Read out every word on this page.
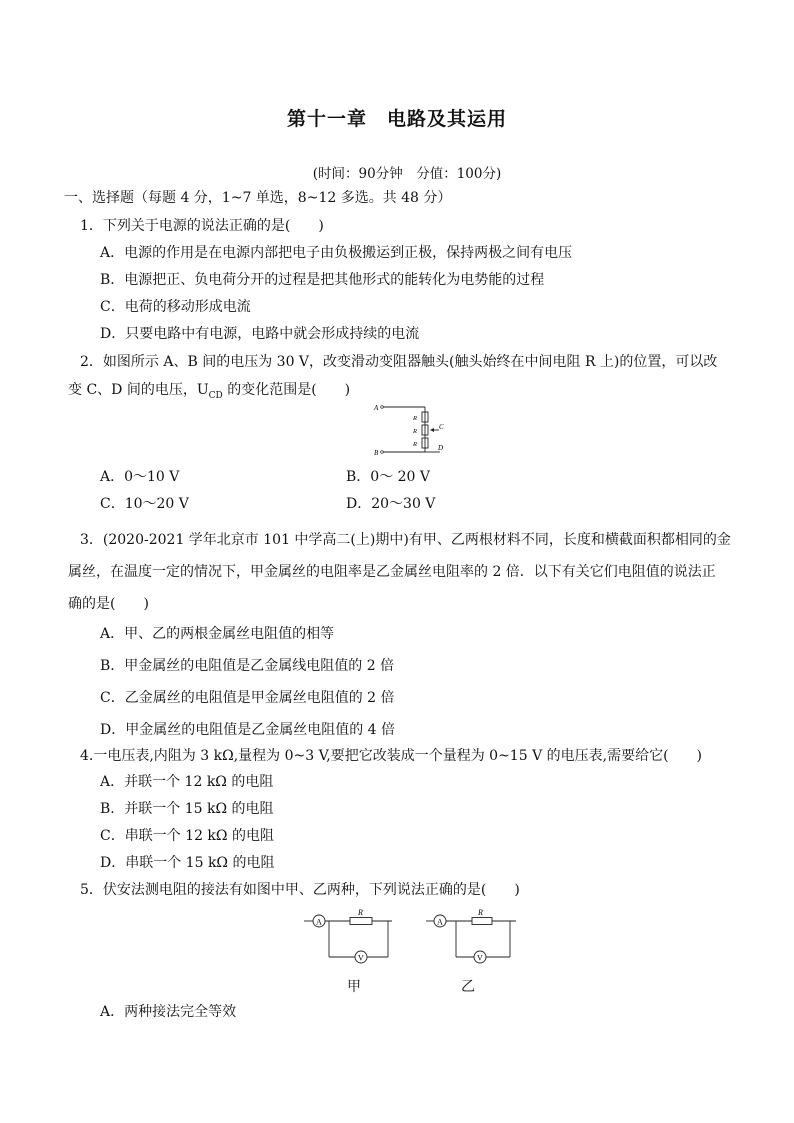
第十一章　电路及其运用
(时间：90分钟　分值：100分)
一、选择题（每题 4 分，1~7 单选，8~12 多选。共 48 分）
1．下列关于电源的说法正确的是(　　)
A．电源的作用是在电源内部把电子由负极搬运到正极，保持两极之间有电压
B．电源把正、负电荷分开的过程是把其他形式的能转化为电势能的过程
C．电荷的移动形成电流
D．只要电路中有电源，电路中就会形成持续的电流
2．如图所示 A、B 间的电压为 30 V，改变滑动变阻器触头(触头始终在中间电阻 R 上)的位置，可以改
变 C、D 间的电压，$U_{CD}$ 的变化范围是(　　)
A
B
R
R
R
C
D
A．0～10 V	B．0～ 20 V
C．10～20 V	D．20～30 V
3．(2020-2021 学年北京市 101 中学高二(上)期中)有甲、乙两根材料不同，长度和横截面积都相同的金
属丝，在温度一定的情况下，甲金属丝的电阻率是乙金属丝电阻率的 2 倍．以下有关它们电阻值的说法正
确的是(　　)
A．甲、乙的两根金属丝电阻值的相等
B．甲金属丝的电阻值是乙金属线电阻值的 2 倍
C．乙金属丝的电阻值是甲金属丝电阻值的 2 倍
D．甲金属丝的电阻值是乙金属丝电阻值的 4 倍
4.一电压表,内阻为 3 kΩ,量程为 0~3 V,要把它改装成一个量程为 0~15 V 的电压表,需要给它(　　)
A．并联一个 12 kΩ 的电阻
B．并联一个 15 kΩ 的电阻
C．串联一个 12 kΩ 的电阻
D．串联一个 15 kΩ 的电阻
5．伏安法测电阻的接法有如图中甲、乙两种，下列说法正确的是(　　)
A
V
R
A
V
R
甲	乙
A．两种接法完全等效
